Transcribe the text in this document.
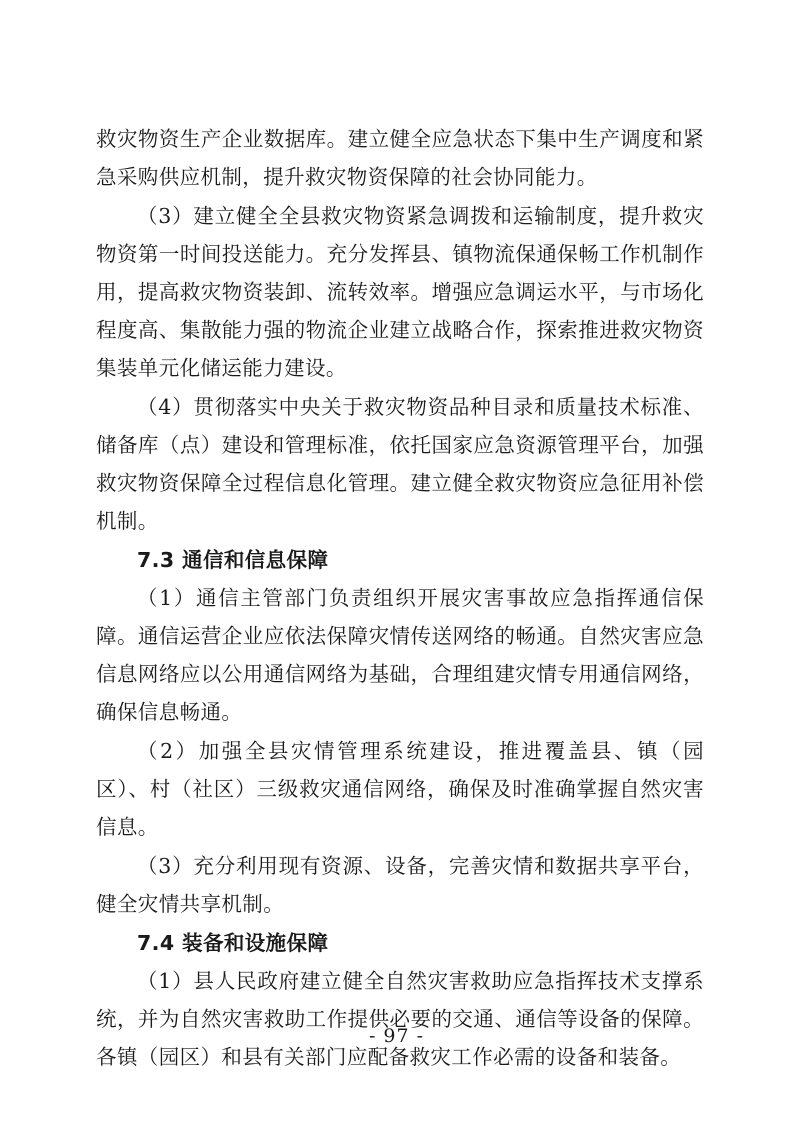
救灾物资生产企业数据库。建立健全应急状态下集中生产调度和紧急采购供应机制，提升救灾物资保障的社会协同能力。

（3）建立健全全县救灾物资紧急调拨和运输制度，提升救灾物资第一时间投送能力。充分发挥县、镇物流保通保畅工作机制作用，提高救灾物资装卸、流转效率。增强应急调运水平，与市场化程度高、集散能力强的物流企业建立战略合作，探索推进救灾物资集装单元化储运能力建设。

（4）贯彻落实中央关于救灾物资品种目录和质量技术标准、储备库（点）建设和管理标准，依托国家应急资源管理平台，加强救灾物资保障全过程信息化管理。建立健全救灾物资应急征用补偿机制。

7.3 通信和信息保障

（1）通信主管部门负责组织开展灾害事故应急指挥通信保障。通信运营企业应依法保障灾情传送网络的畅通。自然灾害应急信息网络应以公用通信网络为基础，合理组建灾情专用通信网络，确保信息畅通。

（2）加强全县灾情管理系统建设，推进覆盖县、镇（园区）、村（社区）三级救灾通信网络，确保及时准确掌握自然灾害信息。

（3）充分利用现有资源、设备，完善灾情和数据共享平台，健全灾情共享机制。

7.4 装备和设施保障

（1）县人民政府建立健全自然灾害救助应急指挥技术支撑系统，并为自然灾害救助工作提供必要的交通、通信等设备的保障。各镇（园区）和县有关部门应配备救灾工作必需的设备和装备。

- 97 -
